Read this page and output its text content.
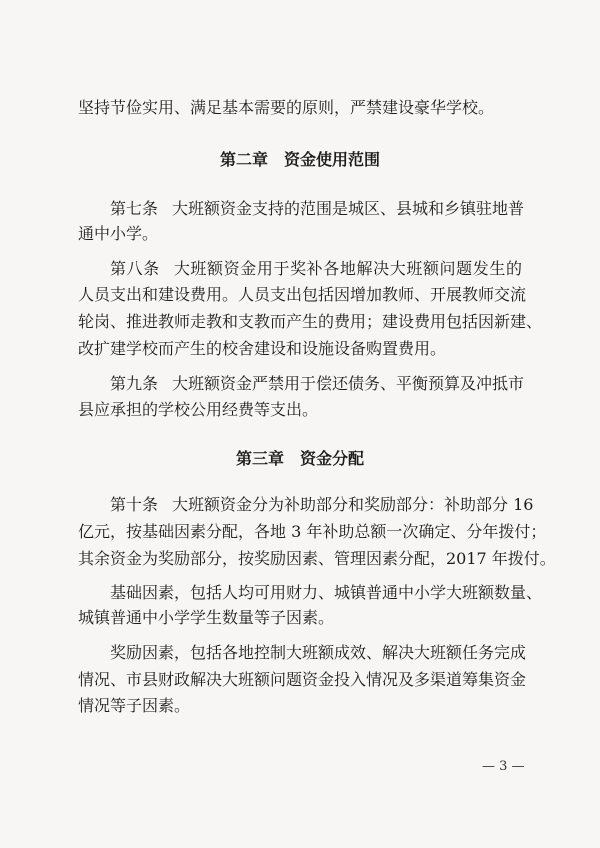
坚持节俭实用、满足基本需要的原则，严禁建设豪华学校。
第二章 资金使用范围
第七条 大班额资金支持的范围是城区、县城和乡镇驻地普
通中小学。
第八条 大班额资金用于奖补各地解决大班额问题发生的
人员支出和建设费用。人员支出包括因增加教师、开展教师交流
轮岗、推进教师走教和支教而产生的费用；建设费用包括因新建、
改扩建学校而产生的校舍建设和设施设备购置费用。
第九条 大班额资金严禁用于偿还债务、平衡预算及冲抵市
县应承担的学校公用经费等支出。
第三章 资金分配
第十条 大班额资金分为补助部分和奖励部分：补助部分 16
亿元，按基础因素分配，各地 3 年补助总额一次确定、分年拨付；
其余资金为奖励部分，按奖励因素、管理因素分配，2017 年拨付。
基础因素，包括人均可用财力、城镇普通中小学大班额数量、
城镇普通中小学学生数量等子因素。
奖励因素，包括各地控制大班额成效、解决大班额任务完成
情况、市县财政解决大班额问题资金投入情况及多渠道筹集资金
情况等子因素。
— 3 —
